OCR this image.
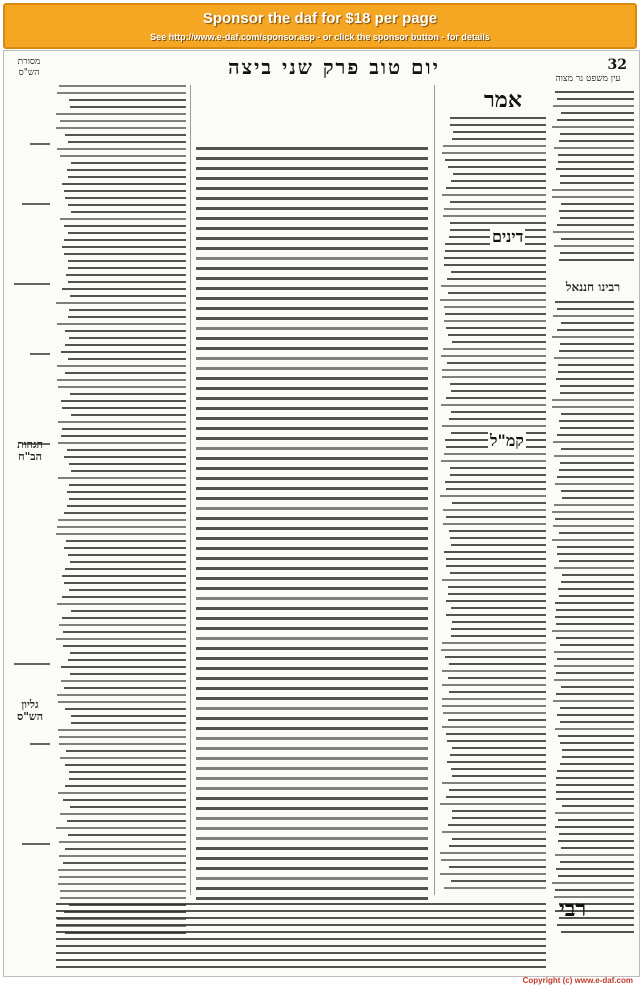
Sponsor the daf for $18 per page
See http://www.e-daf.com/sponsor.asp - or click the sponsor button - for details
מסורת הש"ס	יום טוב פרק שני ביצה	32
עין משפט נר מצוה
הגהות הב"ח
גליון הש"ס
אמר
דינים
קמ"ל
רבינו חננאל
רבי
Copyright (c) www.e-daf.com
